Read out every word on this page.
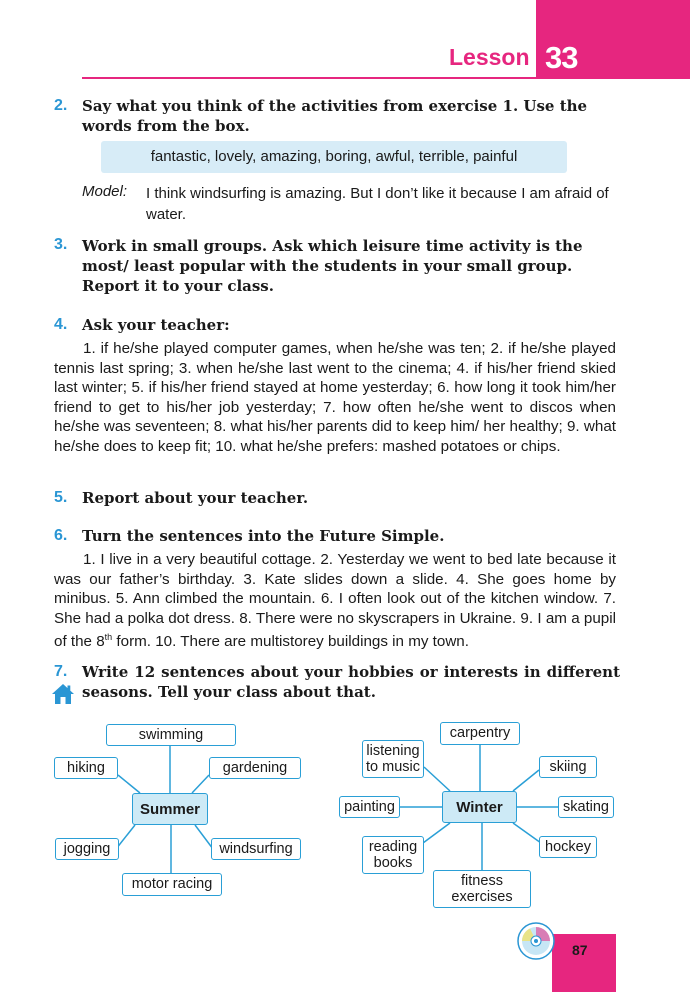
33
Lesson
2. Say what you think of the activities from exercise 1. Use the words from the box.
fantastic, lovely, amazing, boring, awful, terrible, painful
Model: I think windsurfing is amazing. But I don’t like it because I am afraid of water.
3. Work in small groups. Ask which leisure time activity is the most/ least popular with the students in your small group. Report it to your class.
4. Ask your teacher:
1. if he/she played computer games, when he/she was ten; 2. if he/she played tennis last spring; 3. when he/she last went to the cinema; 4. if his/her friend skied last winter; 5. if his/her friend stayed at home yesterday; 6. how long it took him/her friend to get to his/her job yesterday; 7. how often he/she went to discos when he/she was seventeen; 8. what his/her parents did to keep him/ her healthy; 9. what he/she does to keep fit; 10. what he/she prefers: mashed potatoes or chips.
5. Report about your teacher.
6. Turn the sentences into the Future Simple.
1. I live in a very beautiful cottage. 2. Yesterday we went to bed late because it was our father’s birthday. 3. Kate slides down a slide. 4. She goes home by minibus. 5. Ann climbed the mountain. 6. I often look out of the kitchen window. 7. She had a polka dot dress. 8. There were no skyscrapers in Ukraine. 9. I am a pupil of the 8th form. 10. There are multistorey buildings in my town.
7. Write 12 sentences about your hobbies or interests in different seasons. Tell your class about that.
Summer
swimming
hiking	gardening
jogging	windsurfing
motor racing
Winter
carpentry
listening
to music	skiing
painting	skating
reading
books
hockey
fitness
exercises
87
